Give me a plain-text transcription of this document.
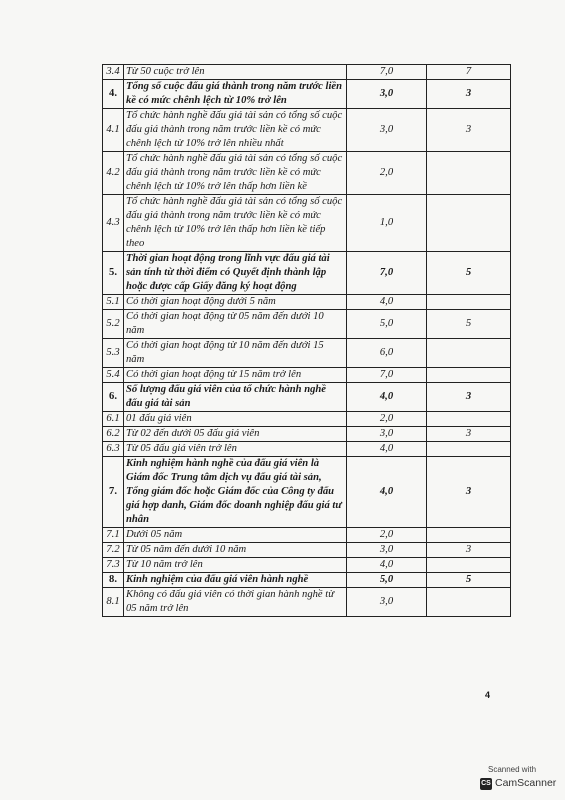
3.4	Từ 50 cuộc trở lên	7,0	7
4.	Tổng số cuộc đấu giá thành trong năm trước liền kề có mức chênh lệch từ 10% trở lên	3,0	3
4.1	Tổ chức hành nghề đấu giá tài sản có tổng số cuộc đấu giá thành trong năm trước liền kề có mức chênh lệch từ 10% trở lên nhiều nhất	3,0	3
4.2	Tổ chức hành nghề đấu giá tài sản có tổng số cuộc đấu giá thành trong năm trước liền kề có mức chênh lệch từ 10% trở lên thấp hơn liền kề	2,0	
4.3	Tổ chức hành nghề đấu giá tài sản có tổng số cuộc đấu giá thành trong năm trước liền kề có mức chênh lệch từ 10% trở lên thấp hơn liền kề tiếp theo	1,0	
5.	Thời gian hoạt động trong lĩnh vực đấu giá tài sản tính từ thời điểm có Quyết định thành lập hoặc được cấp Giấy đăng ký hoạt động	7,0	5
5.1	Có thời gian hoạt động dưới 5 năm	4,0	
5.2	Có thời gian hoạt động từ 05 năm đến dưới 10 năm	5,0	5
5.3	Có thời gian hoạt động từ 10 năm đến dưới 15 năm	6,0	
5.4	Có thời gian hoạt động từ 15 năm trở lên	7,0	
6.	Số lượng đấu giá viên của tổ chức hành nghề đấu giá tài sản	4,0	3
6.1	01 đấu giá viên	2,0	
6.2	Từ 02 đến dưới 05 đấu giá viên	3,0	3
6.3	Từ 05 đấu giá viên trở lên	4,0	
7.	Kinh nghiệm hành nghề của đấu giá viên là Giám đốc Trung tâm dịch vụ đấu giá tài sản, Tổng giám đốc hoặc Giám đốc của Công ty đấu giá hợp danh, Giám đốc doanh nghiệp đấu giá tư nhân	4,0	3
7.1	Dưới 05 năm	2,0	
7.2	Từ 05 năm đến dưới 10 năm	3,0	3
7.3	Từ 10 năm trở lên	4,0	
8.	Kinh nghiệm của đấu giá viên hành nghề	5,0	5
8.1	Không có đấu giá viên có thời gian hành nghề từ 05 năm trở lên	3,0	
4
Scanned with
CS CamScanner
